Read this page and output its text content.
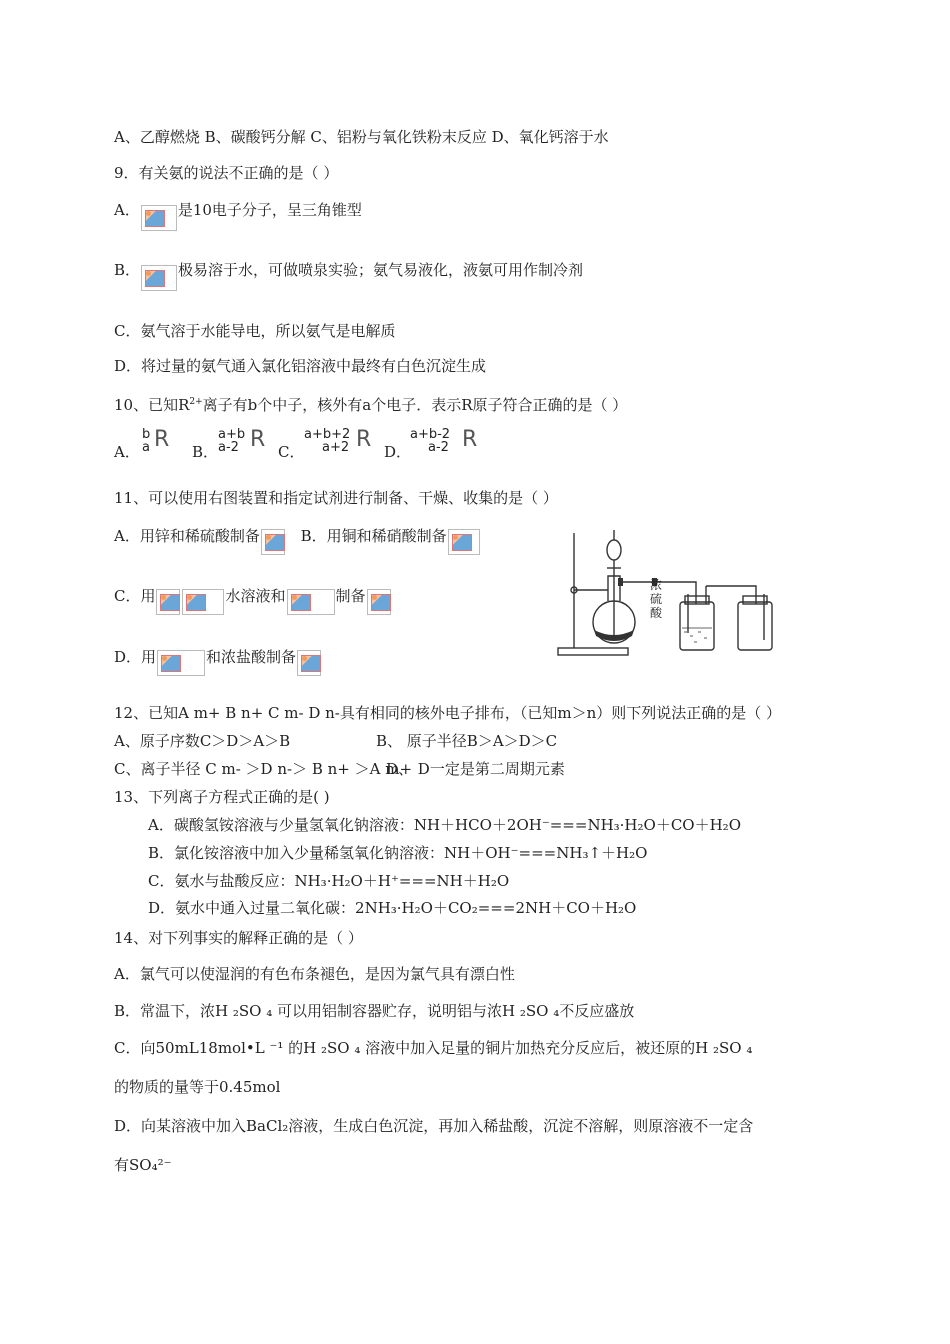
A、乙醇燃烧 B、碳酸钙分解 C、铝粉与氧化铁粉末反应 D、氧化钙溶于水
9．有关氨的说法不正确的是（ ）
A．	是10电子分子，呈三角锥型
B．	极易溶于水，可做喷泉实验；氨气易液化，液氨可用作制冷剂
C．氨气溶于水能导电，所以氨气是电解质
D．将过量的氨气通入氯化铝溶液中最终有白色沉淀生成
10、已知$R^{2+}$离子有b个中子，核外有a个电子．表示R原子符合正确的是（ ）
A．
b
a R B．
a+b
a-2 R C．
a+b+2
a+2 R D．
a+b-2
a-2 R
11、可以使用右图装置和指定试剂进行制备、干燥、收集的是（ ）
A．用锌和稀硫酸制备	B．用铜和稀硝酸制备
C．用	水溶液和	制备
D．用	和浓盐酸制备
浓硫酸
12、已知A m+ B n+ C m- D n-具有相同的核外电子排布，（已知m＞n）则下列说法正确的是（ ）
A、原子序数C＞D＞A＞B	B、 原子半径B＞A＞D＞C
C、离子半径 C m- ＞D n-＞ B n+ ＞A m+
D、 D一定是第二周期元素
13、下列离子方程式正确的是( )
A．碳酸氢铵溶液与少量氢氧化钠溶液：NH＋HCO＋2OH⁻===NH₃·H₂O＋CO＋H₂O
B．氯化铵溶液中加入少量稀氢氧化钠溶液：NH＋OH⁻===NH₃↑＋H₂O
C．氨水与盐酸反应：NH₃·H₂O＋H⁺===NH＋H₂O
D．氨水中通入过量二氧化碳：2NH₃·H₂O＋CO₂===2NH＋CO＋H₂O
14、对下列事实的解释正确的是（ ）
A．氯气可以使湿润的有色布条褪色，是因为氯气具有漂白性
B．常温下，浓H ₂SO ₄ 可以用铝制容器贮存，说明铝与浓H ₂SO ₄不反应盛放
C．向50mL18mol•L ⁻¹ 的H ₂SO ₄ 溶液中加入足量的铜片加热充分反应后，被还原的H ₂SO ₄
的物质的量等于0.45mol
D．向某溶液中加入BaCl₂溶液，生成白色沉淀，再加入稀盐酸，沉淀不溶解，则原溶液不一定含
有SO₄²⁻
